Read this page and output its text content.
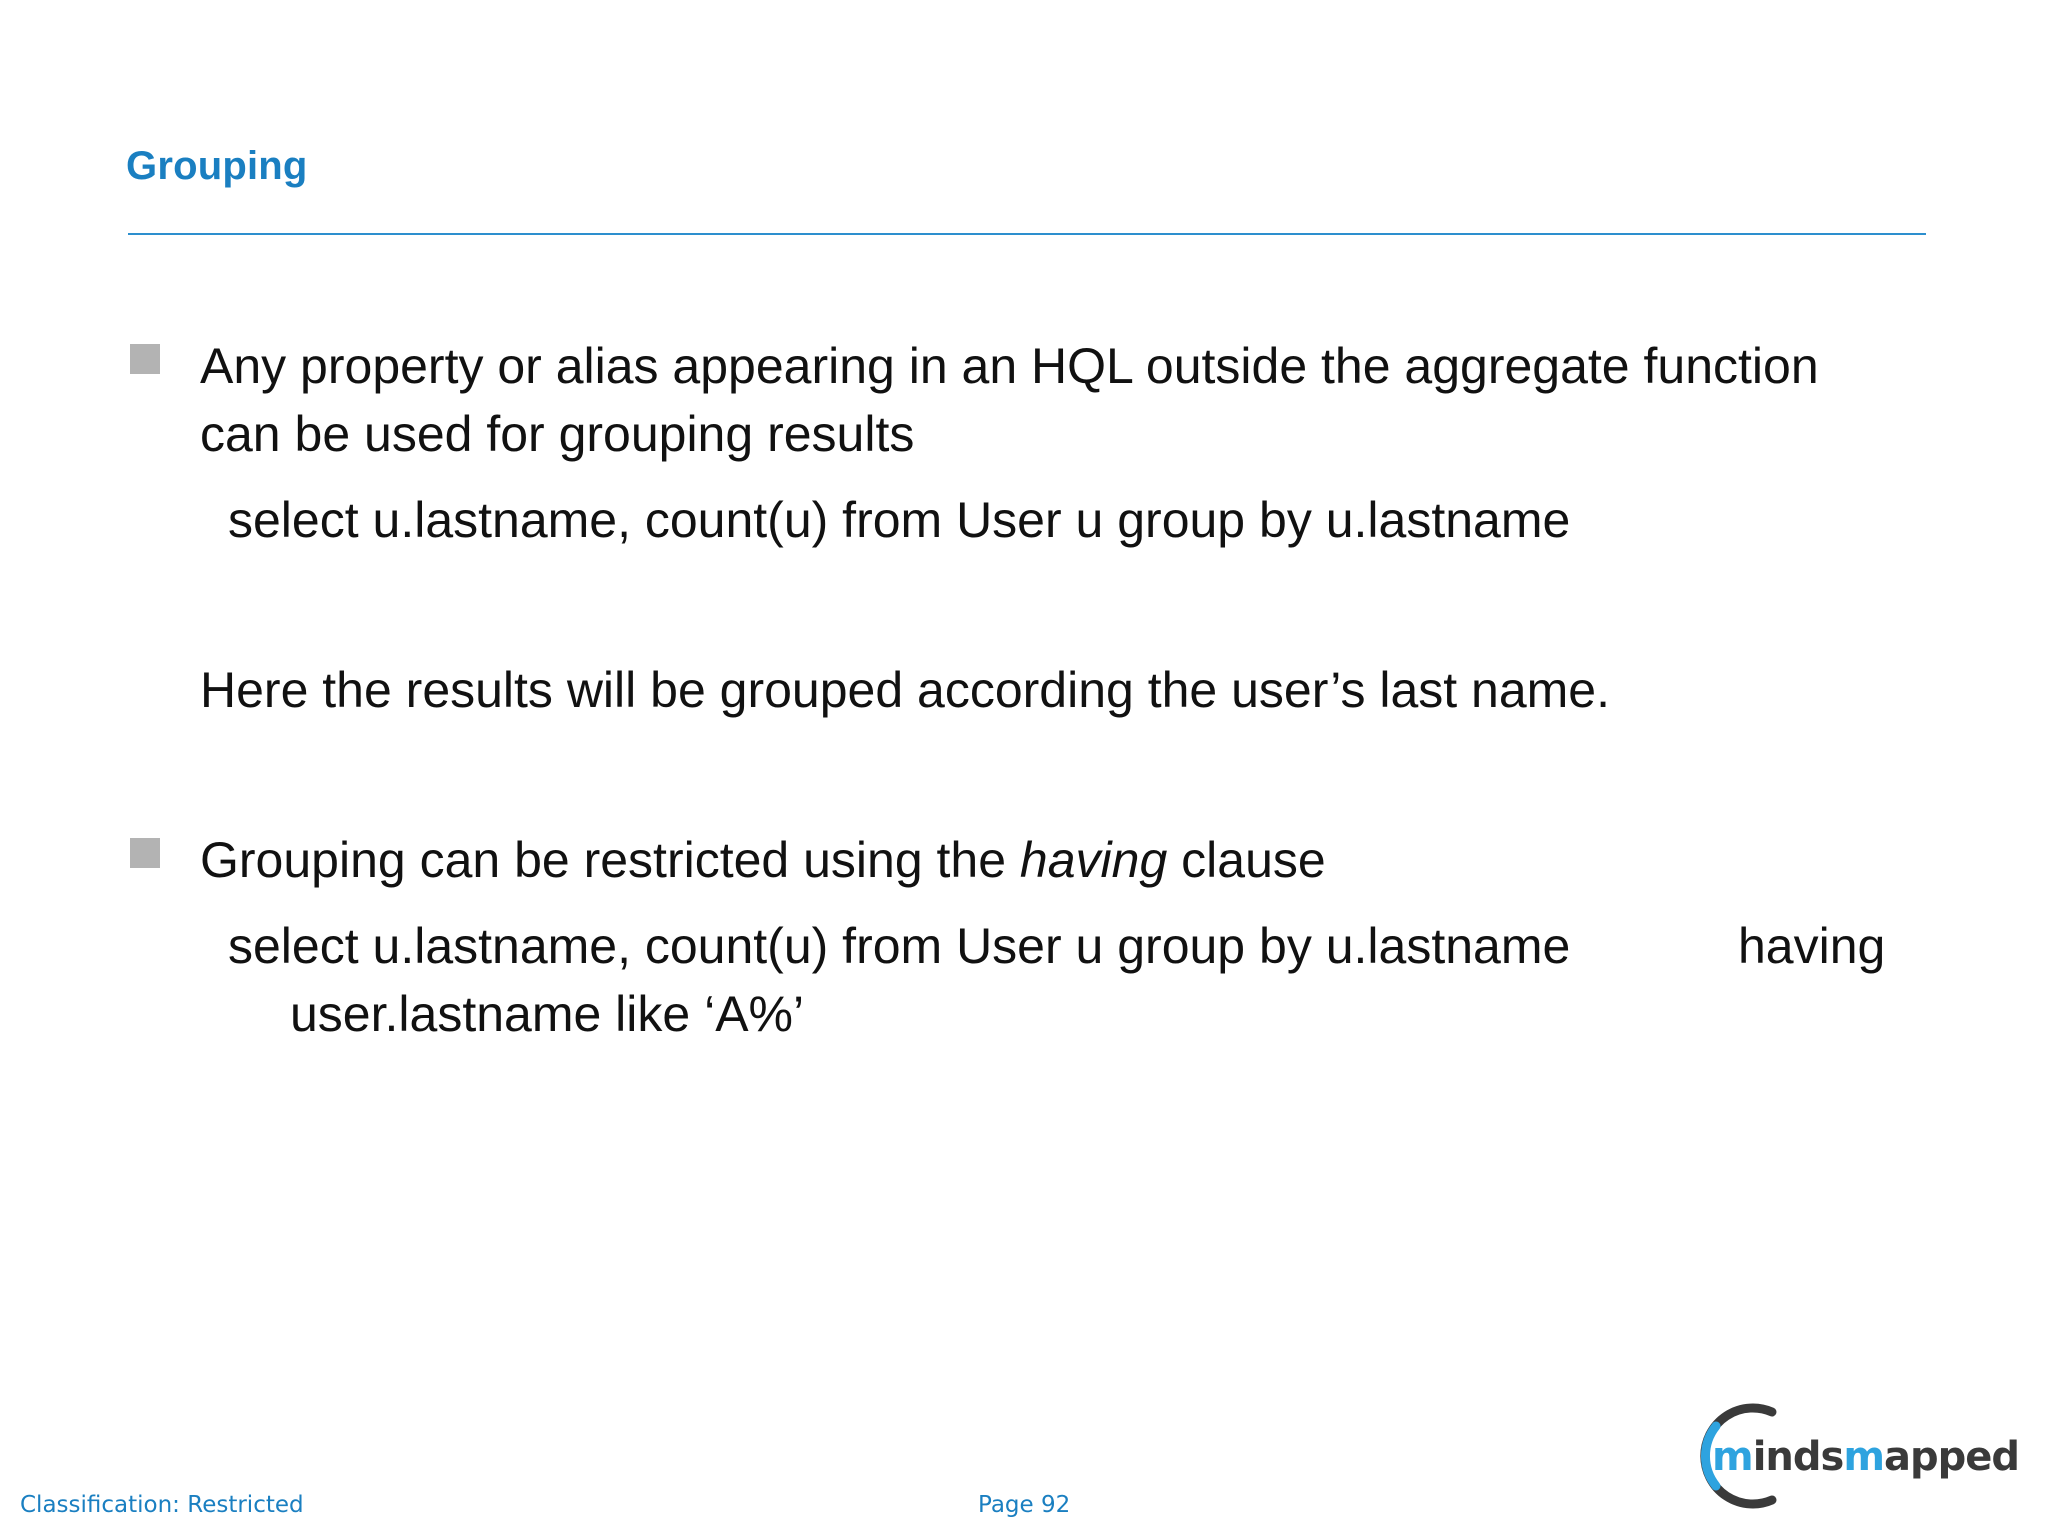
Grouping
Any property or alias appearing in an HQL outside the aggregate function
can be used for grouping results
select u.lastname, count(u) from User u group by u.lastname
Here the results will be grouped according the user’s last name.
Grouping can be restricted using the having clause
select u.lastname, count(u) from User u group by u.lastname	having
user.lastname like ‘A%’
Classification: Restricted	Page 92
mindsmapped
